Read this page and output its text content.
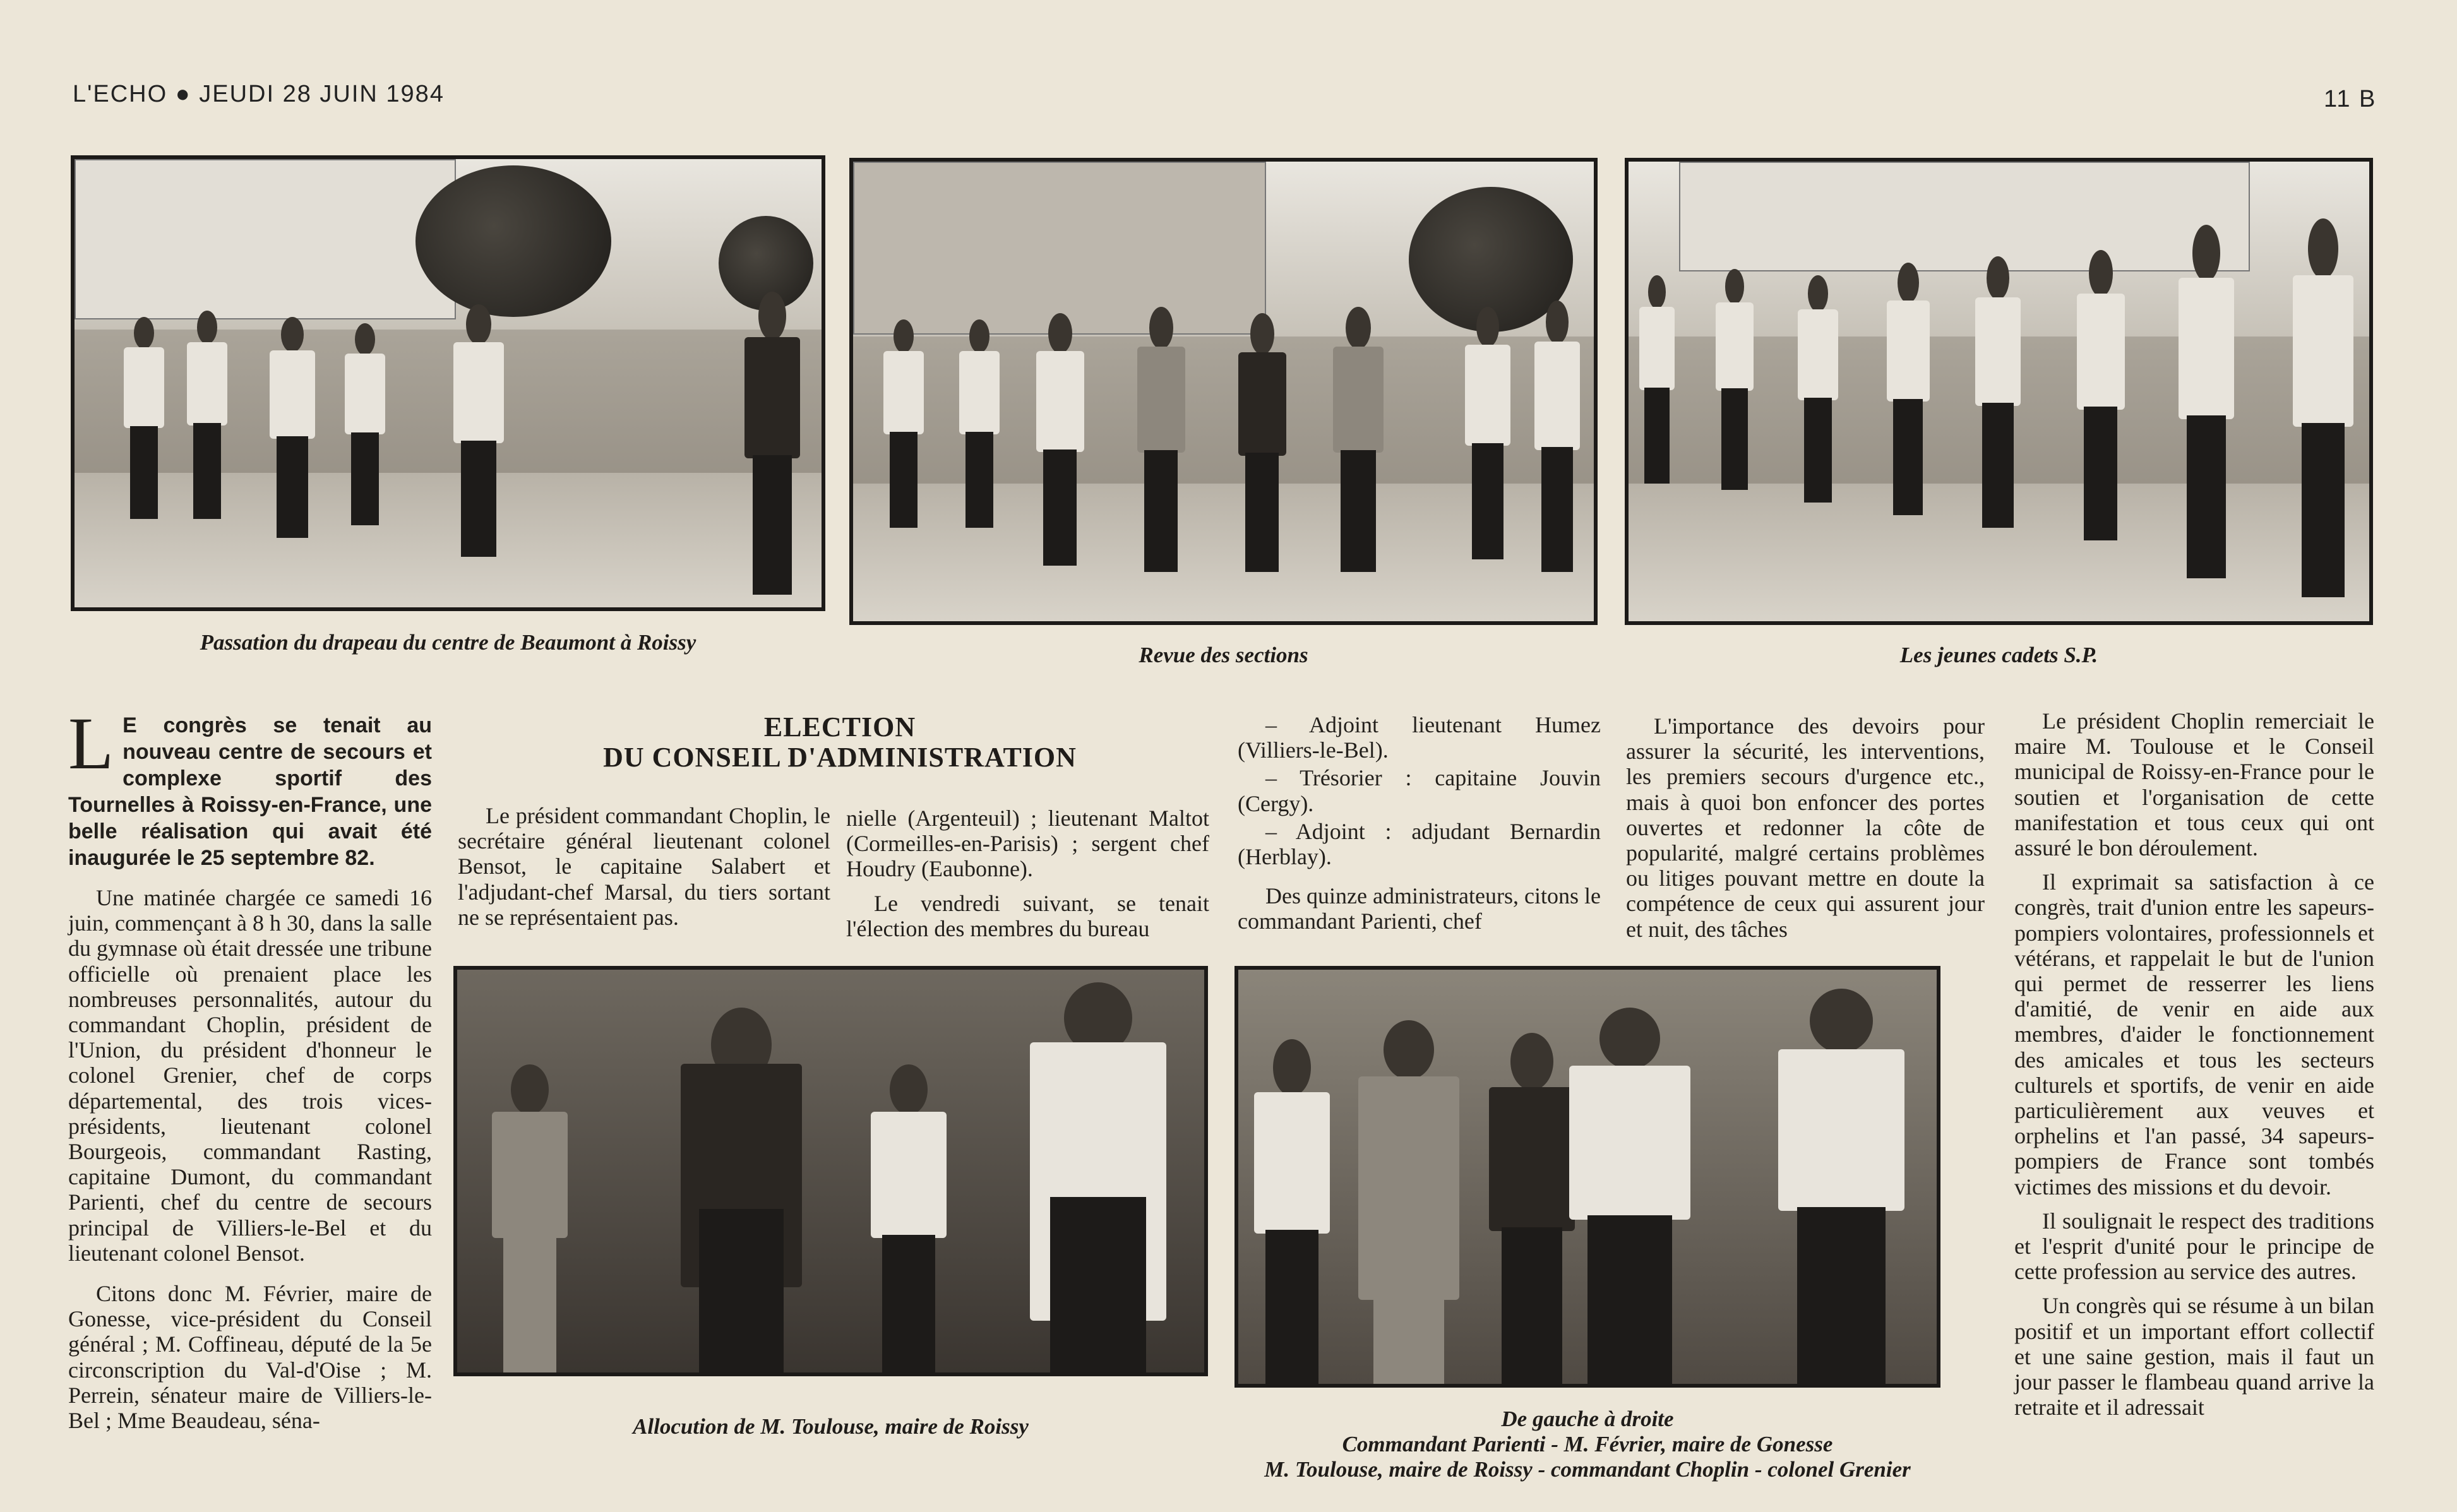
L'ECHO ● JEUDI 28 JUIN 1984	11 B
Passation du drapeau du centre de Beaumont à Roissy
Revue des sections	Les jeunes cadets S.P.
L E congrès se tenait au nouveau centre de secours et complexe sportif des Tournelles à Roissy-en-France, une belle réalisation qui avait été inaugurée le 25 septembre 82.

Une matinée chargée ce samedi 16 juin, commençant à 8 h 30, dans la salle du gymnase où était dressée une tribune officielle où prenaient place les nombreuses personnalités, autour du commandant Choplin, président de l'Union, du président d'honneur le colonel Grenier, chef de corps départemental, des trois vices-présidents, lieutenant colonel Bourgeois, commandant Rasting, capitaine Dumont, du commandant Parienti, chef du centre de secours principal de Villiers-le-Bel et du lieutenant colonel Bensot.

Citons donc M. Février, maire de Gonesse, vice-président du Conseil général ; M. Coffineau, député de la 5e circonscription du Val-d'Oise ; M. Perrein, sénateur maire de Villiers-le-Bel ; Mme Beaudeau, séna-

ELECTION
DU CONSEIL D'ADMINISTRATION

Le président commandant Choplin, le secrétaire général lieutenant colonel Bensot, le capitaine Salabert et l'adjudant-chef Marsal, du tiers sortant ne se représentaient pas.

nielle (Argenteuil) ; lieutenant Maltot (Cormeilles-en-Parisis) ; sergent chef Houdry (Eaubonne).

Le vendredi suivant, se tenait l'élection des membres du bureau

– Adjoint lieutenant Humez (Villiers-le-Bel).

– Trésorier : capitaine Jouvin (Cergy).

– Adjoint : adjudant Bernardin (Herblay).

Des quinze administrateurs, citons le commandant Parienti, chef

L'importance des devoirs pour assurer la sécurité, les interventions, les premiers secours d'urgence etc., mais à quoi bon enfoncer des portes ouvertes et redonner la côte de popularité, malgré certains problèmes ou litiges pouvant mettre en doute la compétence de ceux qui assurent jour et nuit, des tâches

Le président Choplin remerciait le maire M. Toulouse et le Conseil municipal de Roissy-en-France pour le soutien et l'organisation de cette manifestation et tous ceux qui ont assuré le bon déroulement.

Il exprimait sa satisfaction à ce congrès, trait d'union entre les sapeurs-pompiers volontaires, professionnels et vétérans, et rappelait le but de l'union qui permet de resserrer les liens d'amitié, de venir en aide aux membres, d'aider le fonctionnement des amicales et tous les secteurs culturels et sportifs, de venir en aide particulièrement aux veuves et orphelins et l'an passé, 34 sapeurs-pompiers de France sont tombés victimes des missions et du devoir.

Il soulignait le respect des traditions et l'esprit d'unité pour le principe de cette profession au service des autres.

Un congrès qui se résume à un bilan positif et un important effort collectif et une saine gestion, mais il faut un jour passer le flambeau quand arrive la retraite et il adressait

Allocution de M. Toulouse, maire de Roissy	De gauche à droite
Commandant Parienti - M. Février, maire de Gonesse
M. Toulouse, maire de Roissy - commandant Choplin - colonel Grenier
